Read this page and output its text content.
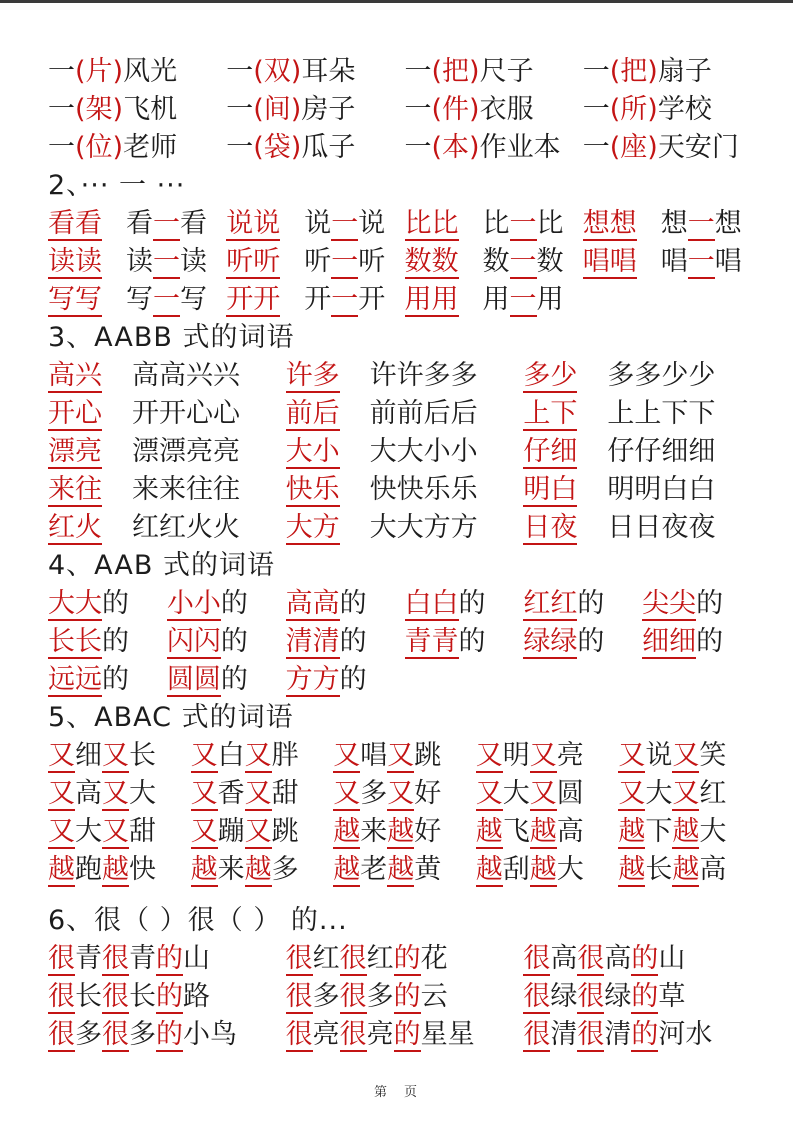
一(片)风光	一(双)耳朵	一(把)尺子	一(把)扇子
一(架)飞机	一(间)房子	一(件)衣服	一(所)学校
一(位)老师	一(袋)瓜子	一(本)作业本 一(座)天安门
2、··· 一 ···
看看 看一看 说说 说一说 比比 比一比 想想 想一想
读读 读一读 听听 听一听 数数 数一数 唱唱 唱一唱
写写 写一写 开开 开一开 用用 用一用
3、AABB 式的词语
高兴 高高兴兴 许多 许许多多 多少 多多少少
开心 开开心心 前后 前前后后 上下 上上下下
漂亮 漂漂亮亮 大小 大大小小 仔细 仔仔细细
来往 来来往往 快乐 快快乐乐 明白 明明白白
红火 红红火火 大方 大大方方 日夜 日日夜夜
4、AAB 式的词语
大大的	小小的	高高的	白白的	红红的	尖尖的
长长的	闪闪的	清清的	青青的	绿绿的	细细的
远远的	圆圆的	方方的
5、ABAC 式的词语
又细又长	又白又胖	又唱又跳	又明又亮	又说又笑
又高又大	又香又甜	又多又好	又大又圆	又大又红
又大又甜	又蹦又跳	越来越好	越飞越高	越下越大
越跑越快	越来越多	越老越黄	越刮越大	越长越高
6、很（ ）很（ ） 的...
很青很青的山	很红很红的花	很高很高的山
很长很长的路	很多很多的云	很绿很绿的草
很多很多的小鸟	很亮很亮的星星	很清很清的河水
第　页
